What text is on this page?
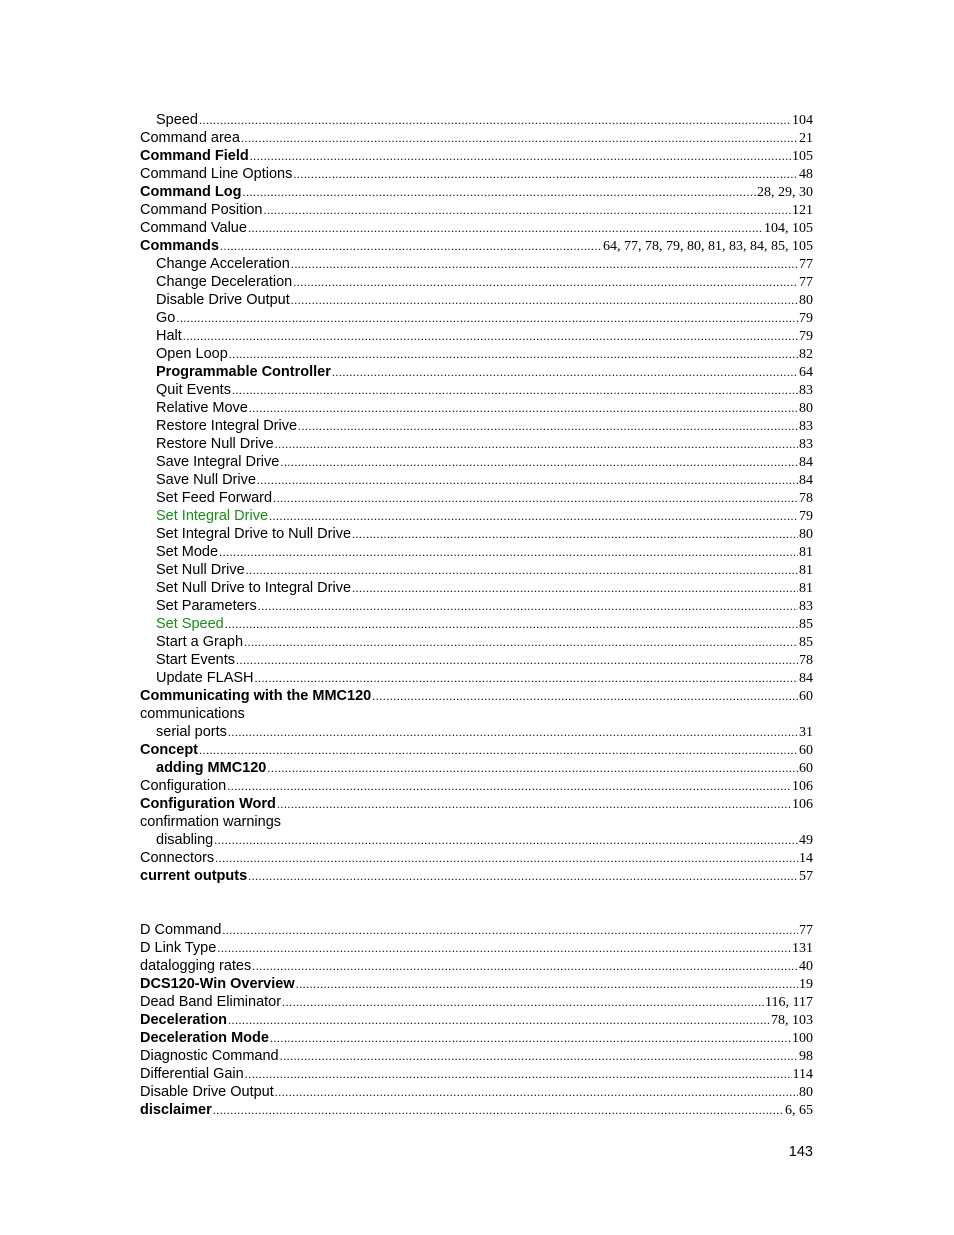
Speed .....	104
Command area .....	21
Command Field .....	105
Command Line Options .....	48
Command Log .....	28, 29, 30
Command Position .....	121
Command Value .....	104, 105
Commands .....	64, 77, 78, 79, 80, 81, 83, 84, 85, 105
Change Acceleration .....	77
Change Deceleration .....	77
Disable Drive Output .....	80
Go .....	79
Halt .....	79
Open Loop .....	82
Programmable Controller .....	64
Quit Events .....	83
Relative Move .....	80
Restore Integral Drive .....	83
Restore Null Drive .....	83
Save Integral Drive .....	84
Save Null Drive .....	84
Set Feed Forward .....	78
Set Integral Drive .....	79
Set Integral Drive to Null Drive .....	80
Set Mode .....	81
Set Null Drive .....	81
Set Null Drive to Integral Drive .....	81
Set Parameters .....	83
Set Speed .....	85
Start a Graph .....	85
Start Events .....	78
Update FLASH .....	84
Communicating with the MMC120 .....	60
communications
serial ports .....	31
Concept .....	60
adding MMC120 .....	60
Configuration .....	106
Configuration Word .....	106
confirmation warnings
disabling .....	49
Connectors .....	14
current outputs .....	57
D Command .....	77
D Link Type .....	131
datalogging rates .....	40
DCS120-Win Overview .....	19
Dead Band Eliminator .....	116, 117
Deceleration .....	78, 103
Deceleration Mode .....	100
Diagnostic Command .....	98
Differential Gain .....	114
Disable Drive Output .....	80
disclaimer .....	6, 65
143
